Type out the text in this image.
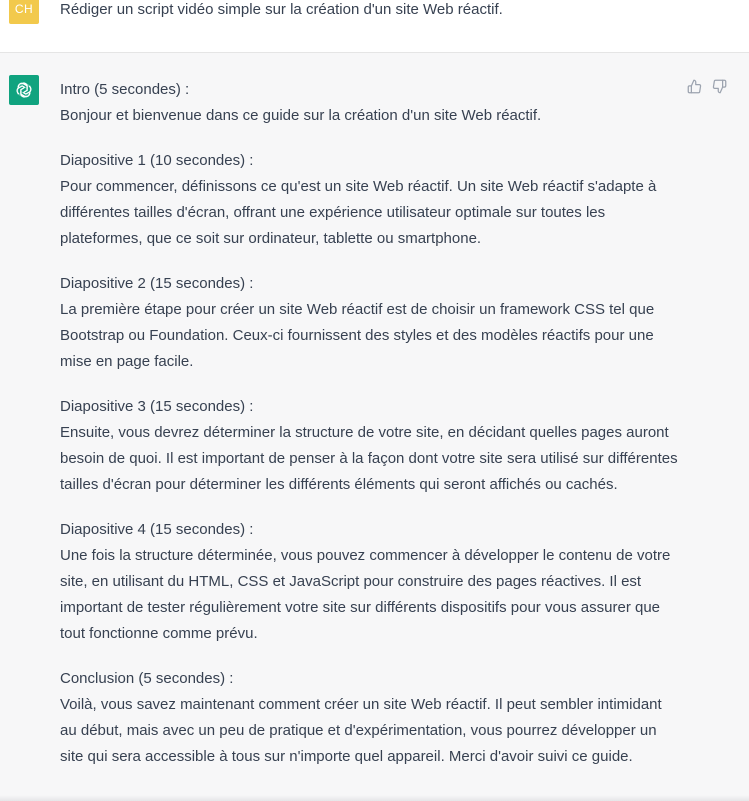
CH Rédiger un script vidéo simple sur la création d'un site Web réactif.

Intro (5 secondes) :

Bonjour et bienvenue dans ce guide sur la création d'un site Web réactif.

Diapositive 1 (10 secondes) :

Pour commencer, définissons ce qu'est un site Web réactif. Un site Web réactif s'adapte à différentes tailles d'écran, offrant une expérience utilisateur optimale sur toutes les plateformes, que ce soit sur ordinateur, tablette ou smartphone.

Diapositive 2 (15 secondes) :

La première étape pour créer un site Web réactif est de choisir un framework CSS tel que Bootstrap ou Foundation. Ceux-ci fournissent des styles et des modèles réactifs pour une mise en page facile.

Diapositive 3 (15 secondes) :

Ensuite, vous devrez déterminer la structure de votre site, en décidant quelles pages auront besoin de quoi. Il est important de penser à la façon dont votre site sera utilisé sur différentes tailles d'écran pour déterminer les différents éléments qui seront affichés ou cachés.

Diapositive 4 (15 secondes) :

Une fois la structure déterminée, vous pouvez commencer à développer le contenu de votre site, en utilisant du HTML, CSS et JavaScript pour construire des pages réactives. Il est important de tester régulièrement votre site sur différents dispositifs pour vous assurer que tout fonctionne comme prévu.

Conclusion (5 secondes) :

Voilà, vous savez maintenant comment créer un site Web réactif. Il peut sembler intimidant au début, mais avec un peu de pratique et d'expérimentation, vous pourrez développer un site qui sera accessible à tous sur n'importe quel appareil. Merci d'avoir suivi ce guide.
